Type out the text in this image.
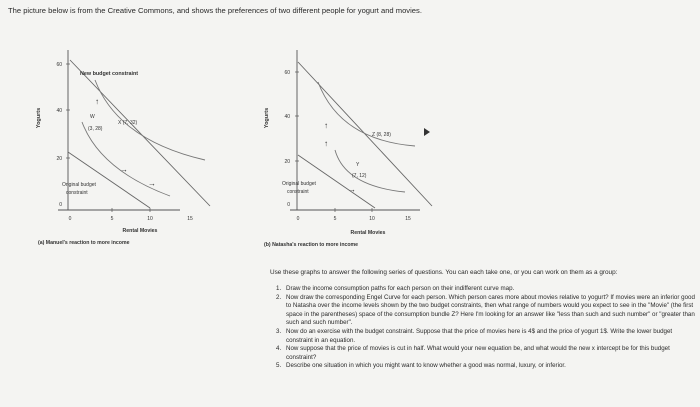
The picture below is from the Creative Commons, and shows the preferences of two different people for yogurt and movies.
Yogurts
60
40
20
0
0	5	10	15
Rental Movies
(a) Manuel's reaction to more income
New budget constraint
Original budget
constraint
W
(3, 28)
X (7, 32)
↑
→
→
Yogurts
60
40
20
0
0	5	10	15
Rental Movies
(b) Natasha's reaction to more income
Original budget
constraint
Z (8, 28)
Y
(7, 12)
↑
↑
→
Use these graphs to answer the following series of questions. You can each take one, or you can work on them as a group:
1. Draw the income consumption paths for each person on their indifferent curve map.
2. Now draw the corresponding Engel Curve for each person. Which person cares more about movies relative to yogurt? If movies were an inferior good to Natasha over the income levels shown by the two budget constraints, then what range of numbers would you expect to see in the "Movie" (the first space in the parentheses) space of the consumption bundle Z? Here I'm looking for an answer like "less than such and such number" or "greater than such and such number".
3. Now do an exercise with the budget constraint. Suppose that the price of movies here is 4$ and the price of yogurt 1$. Write the lower budget constraint in an equation.
4. Now suppose that the price of movies is cut in half. What would your new equation be, and what would the new x intercept be for this budget constraint?
5. Describe one situation in which you might want to know whether a good was normal, luxury, or inferior.
